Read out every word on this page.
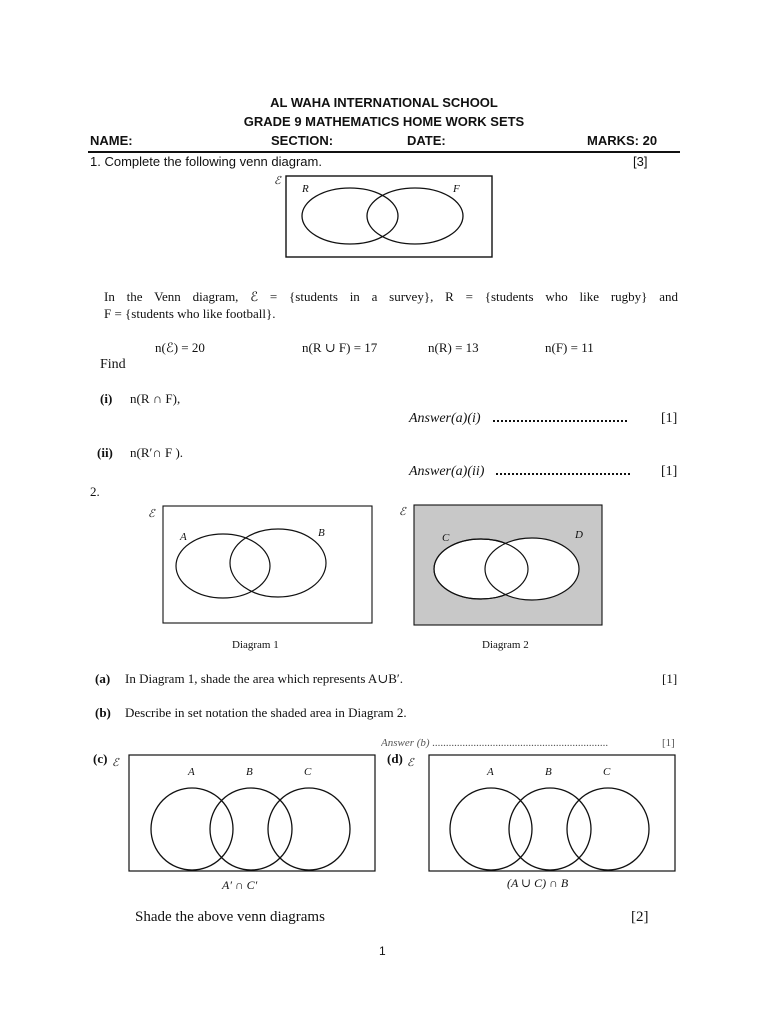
AL WAHA INTERNATIONAL SCHOOL
GRADE 9 MATHEMATICS HOME WORK SETS
NAME:	SECTION:	DATE:	MARKS: 20
1. Complete the following venn diagram.	[3]
ℰ
R	F
In the Venn diagram, ℰ = {students in a survey}, R = {students who like rugby} and
F = {students who like football}.
n(ℰ) = 20	n(R ∪ F) = 17	n(R) = 13	n(F) = 11
Find
(i) n(R ∩ F),
Answer(a)(i)	[1]
(ii) n(R′∩ F ).
Answer(a)(ii)	[1]
2.
ℰ
A	B
Diagram 1
ℰ
C	D
Diagram 2
(a) In Diagram 1, shade the area which represents A∪B′.	[1]
(b) Describe in set notation the shaded area in Diagram 2.
Answer (b) ................................................................	[1]
(c) ℰ
A	B	C
A′ ∩ C′
(d) ℰ
A	B	C
(A ∪ C) ∩ B
Shade the above venn diagrams	[2]
1
